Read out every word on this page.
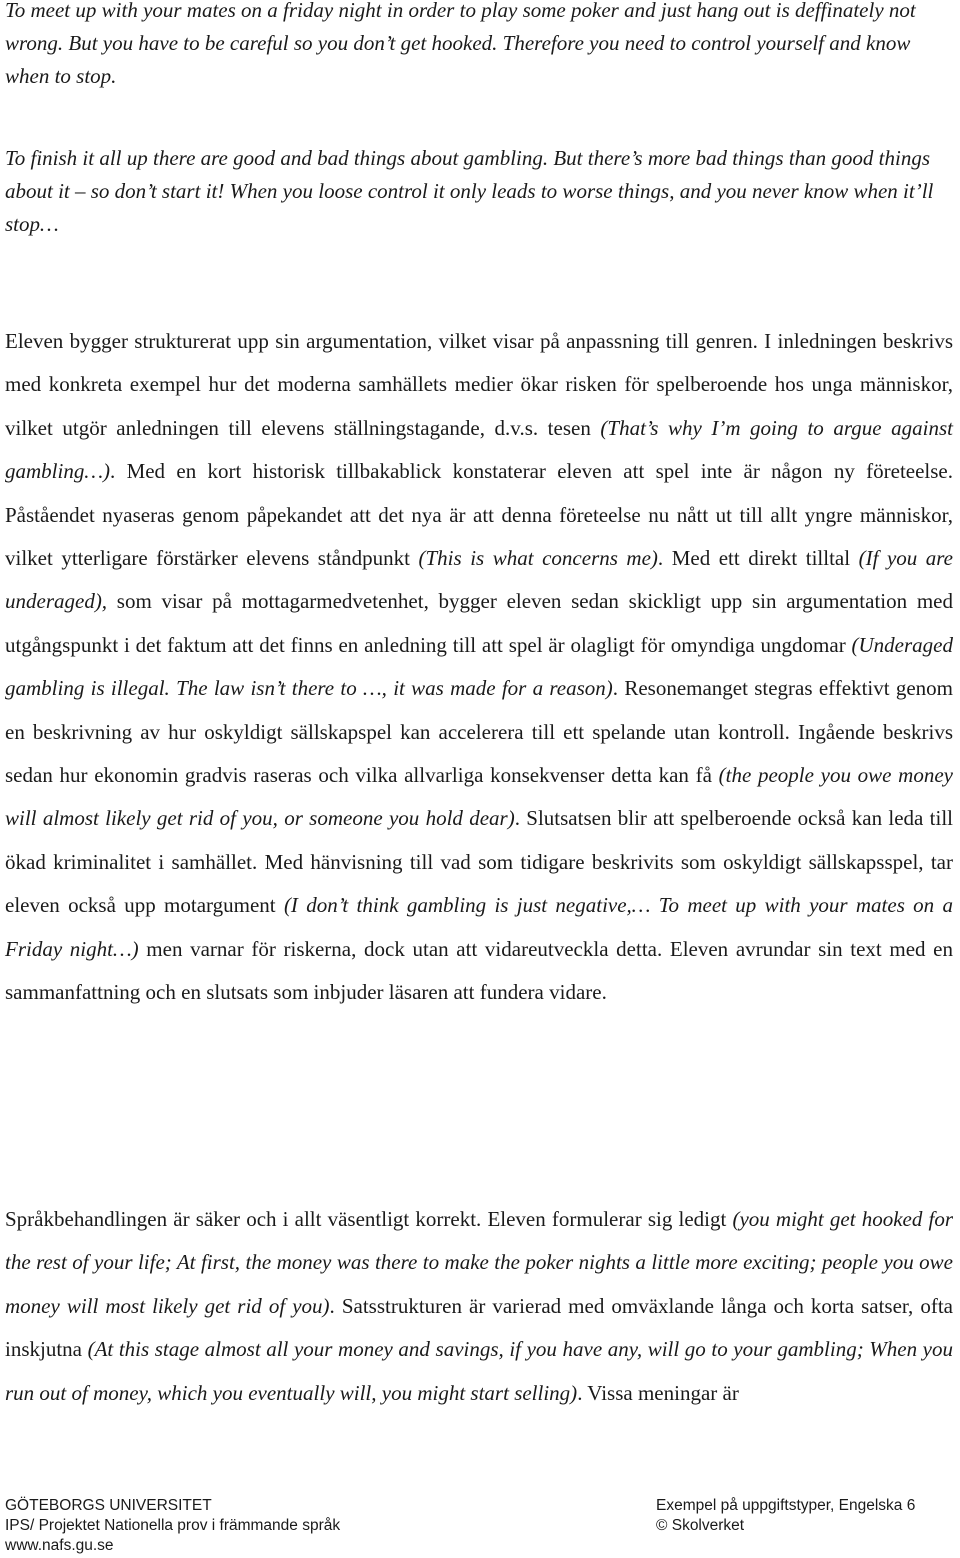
To meet up with your mates on a friday night in order to play some poker and just hang out is deffinately not wrong. But you have to be careful so you don’t get hooked. Therefore you need to control yourself and know when to stop.

To finish it all up there are good and bad things about gambling. But there’s more bad things than good things about it – so don’t start it! When you loose control it only leads to worse things, and you never know when it’ll stop…

Eleven bygger strukturerat upp sin argumentation, vilket visar på anpassning till genren. I inledningen beskrivs med konkreta exempel hur det moderna samhällets medier ökar risken för spelberoende hos unga människor, vilket utgör anledningen till elevens ställningstagande, d.v.s. tesen (That’s why I’m going to argue against gambling…). Med en kort historisk tillbakablick konstaterar eleven att spel inte är någon ny företeelse. Påståendet nyaseras genom påpekandet att det nya är att denna företeelse nu nått ut till allt yngre människor, vilket ytterligare förstärker elevens ståndpunkt (This is what concerns me). Med ett direkt tilltal (If you are underaged), som visar på mottagarmedvetenhet, bygger eleven sedan skickligt upp sin argumentation med utgångspunkt i det faktum att det finns en anledning till att spel är olagligt för omyndiga ungdomar (Underaged gambling is illegal. The law isn’t there to …, it was made for a reason). Resonemanget stegras effektivt genom en beskrivning av hur oskyldigt sällskapspel kan accelerera till ett spelande utan kontroll. Ingående beskrivs sedan hur ekonomin gradvis raseras och vilka allvarliga konsekvenser detta kan få (the people you owe money will almost likely get rid of you, or someone you hold dear). Slutsatsen blir att spelberoende också kan leda till ökad kriminalitet i samhället. Med hänvisning till vad som tidigare beskrivits som oskyldigt sällskapsspel, tar eleven också upp motargument (I don’t think gambling is just negative,… To meet up with your mates on a Friday night…) men varnar för riskerna, dock utan att vidareutveckla detta. Eleven avrundar sin text med en sammanfattning och en slutsats som inbjuder läsaren att fundera vidare.

Språkbehandlingen är säker och i allt väsentligt korrekt. Eleven formulerar sig ledigt (you might get hooked for the rest of your life; At first, the money was there to make the poker nights a little more exciting; people you owe money will most likely get rid of you). Satsstrukturen är varierad med omväxlande långa och korta satser, ofta inskjutna (At this stage almost all your money and savings, if you have any, will go to your gambling; When you run out of money, which you eventually will, you might start selling). Vissa meningar är

GÖTEBORGS UNIVERSITET
IPS/ Projektet Nationella prov i främmande språk
www.nafs.gu.se
Exempel på uppgiftstyper, Engelska 6
© Skolverket
